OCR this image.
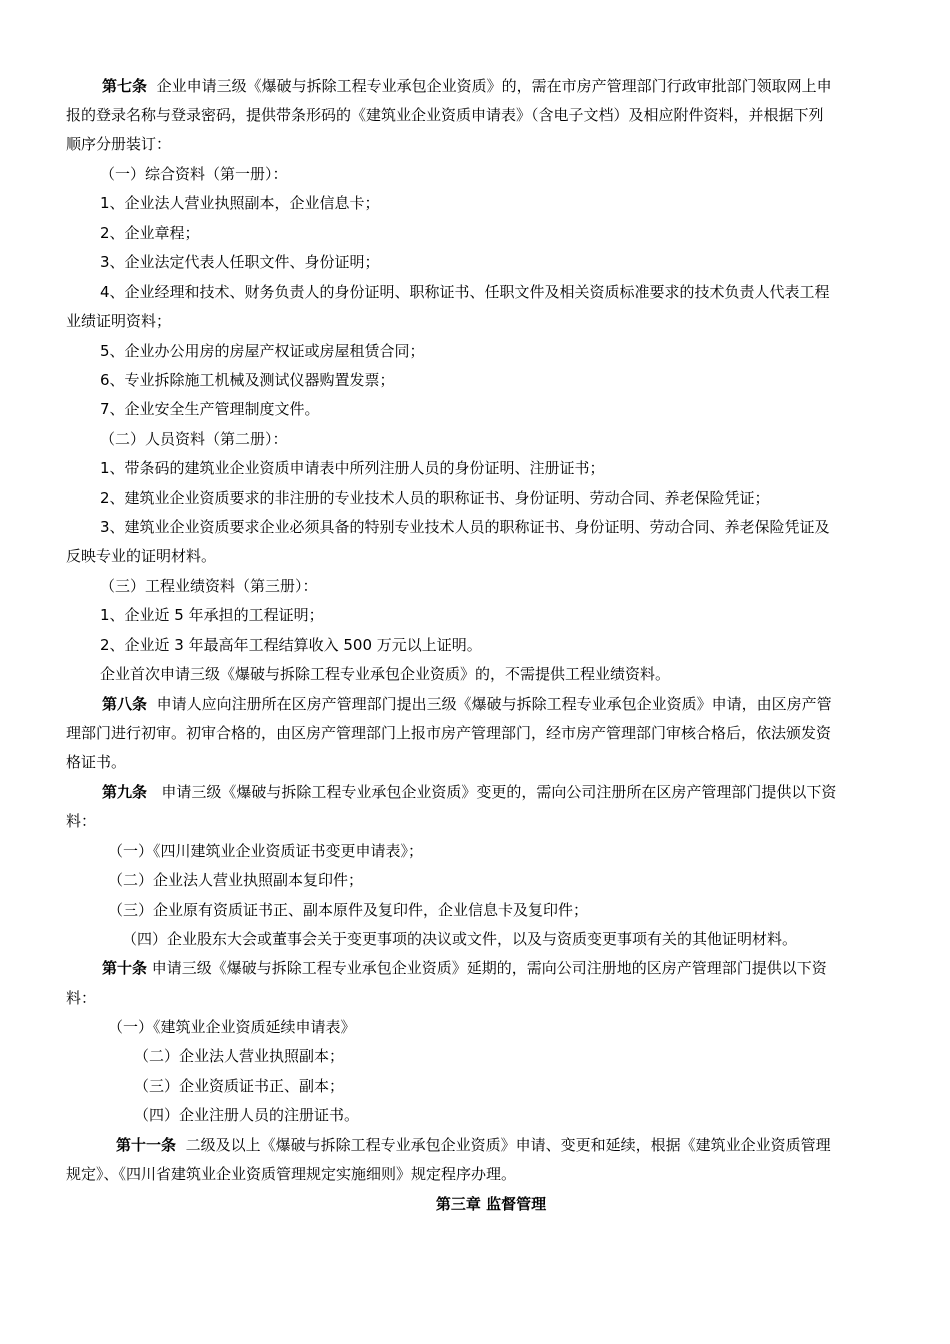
第七条 企业申请三级《爆破与拆除工程专业承包企业资质》的，需在市房产管理部门行政审批部门领取网上申
报的登录名称与登录密码，提供带条形码的《建筑业企业资质申请表》（含电子文档）及相应附件资料，并根据下列
顺序分册装订：
（一）综合资料（第一册）：
1、企业法人营业执照副本，企业信息卡；
2、企业章程；
3、企业法定代表人任职文件、身份证明；
4、企业经理和技术、财务负责人的身份证明、职称证书、任职文件及相关资质标准要求的技术负责人代表工程
业绩证明资料；
5、企业办公用房的房屋产权证或房屋租赁合同；
6、专业拆除施工机械及测试仪器购置发票；
7、企业安全生产管理制度文件。
（二）人员资料（第二册）：
1、带条码的建筑业企业资质申请表中所列注册人员的身份证明、注册证书；
2、建筑业企业资质要求的非注册的专业技术人员的职称证书、身份证明、劳动合同、养老保险凭证；
3、建筑业企业资质要求企业必须具备的特别专业技术人员的职称证书、身份证明、劳动合同、养老保险凭证及
反映专业的证明材料。
（三）工程业绩资料（第三册）：
1、企业近 5 年承担的工程证明；
2、企业近 3 年最高年工程结算收入 500 万元以上证明。
企业首次申请三级《爆破与拆除工程专业承包企业资质》的，不需提供工程业绩资料。
第八条 申请人应向注册所在区房产管理部门提出三级《爆破与拆除工程专业承包企业资质》申请，由区房产管
理部门进行初审。初审合格的，由区房产管理部门上报市房产管理部门，经市房产管理部门审核合格后，依法颁发资
格证书。
第九条 申请三级《爆破与拆除工程专业承包企业资质》变更的，需向公司注册所在区房产管理部门提供以下资
料：
（一）《四川建筑业企业资质证书变更申请表》；
（二）企业法人营业执照副本复印件；
（三）企业原有资质证书正、副本原件及复印件，企业信息卡及复印件；
（四）企业股东大会或董事会关于变更事项的决议或文件，以及与资质变更事项有关的其他证明材料。
第十条 申请三级《爆破与拆除工程专业承包企业资质》延期的，需向公司注册地的区房产管理部门提供以下资
料：
（一）《建筑业企业资质延续申请表》
（二）企业法人营业执照副本；
（三）企业资质证书正、副本；
（四）企业注册人员的注册证书。
第十一条 二级及以上《爆破与拆除工程专业承包企业资质》申请、变更和延续，根据《建筑业企业资质管理
规定》、《四川省建筑业企业资质管理规定实施细则》规定程序办理。
第三章 监督管理
